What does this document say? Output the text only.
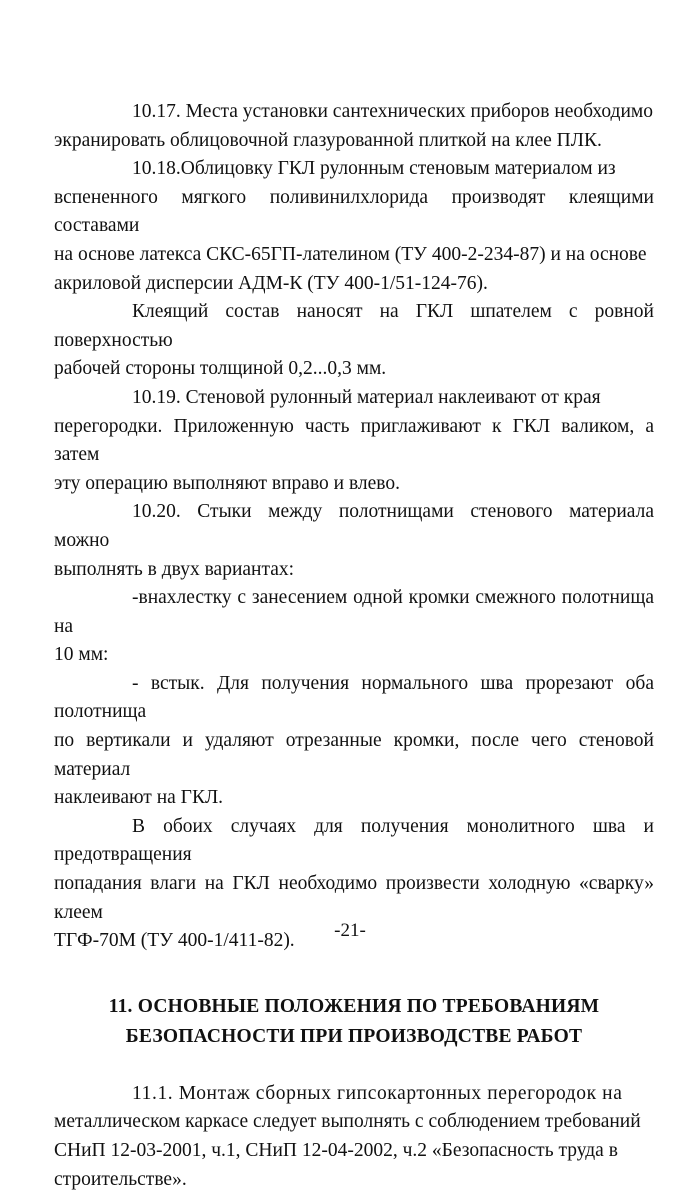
10.17. Места установки сантехнических приборов необходимо
экранировать облицовочной глазурованной плиткой на клее ПЛК.

10.18.Облицовку ГКЛ рулонным стеновым материалом из
вспененного мягкого поливинилхлорида производят клеящими составами
на основе латекса СКС-65ГП-лателином (ТУ 400-2-234-87) и на основе
акриловой дисперсии АДМ-К (ТУ 400-1/51-124-76).

Клеящий состав наносят на ГКЛ шпателем с ровной поверхностью
рабочей стороны толщиной 0,2...0,3 мм.

10.19. Стеновой рулонный материал наклеивают от края
перегородки. Приложенную часть приглаживают к ГКЛ валиком, а затем
эту операцию выполняют вправо и влево.

10.20. Стыки между полотнищами стенового материала можно
выполнять в двух вариантах:

-внахлестку с занесением одной кромки смежного полотнища на
10 мм:

- встык. Для получения нормального шва прорезают оба полотнища
по вертикали и удаляют отрезанные кромки, после чего стеновой материал
наклеивают на ГКЛ.

В обоих случаях для получения монолитного шва и предотвращения
попадания влаги на ГКЛ необходимо произвести холодную «сварку» клеем
ТГФ-70М (ТУ 400-1/411-82).

11. ОСНОВНЫЕ ПОЛОЖЕНИЯ ПО ТРЕБОВАНИЯМ
БЕЗОПАСНОСТИ ПРИ ПРОИЗВОДСТВЕ РАБОТ

11.1. Монтаж сборных гипсокартонных перегородок на
металлическом каркасе следует выполнять с соблюдением требований
СНиП 12-03-2001, ч.1, СНиП 12-04-2002, ч.2 «Безопасность труда в
строительстве».

-21-
